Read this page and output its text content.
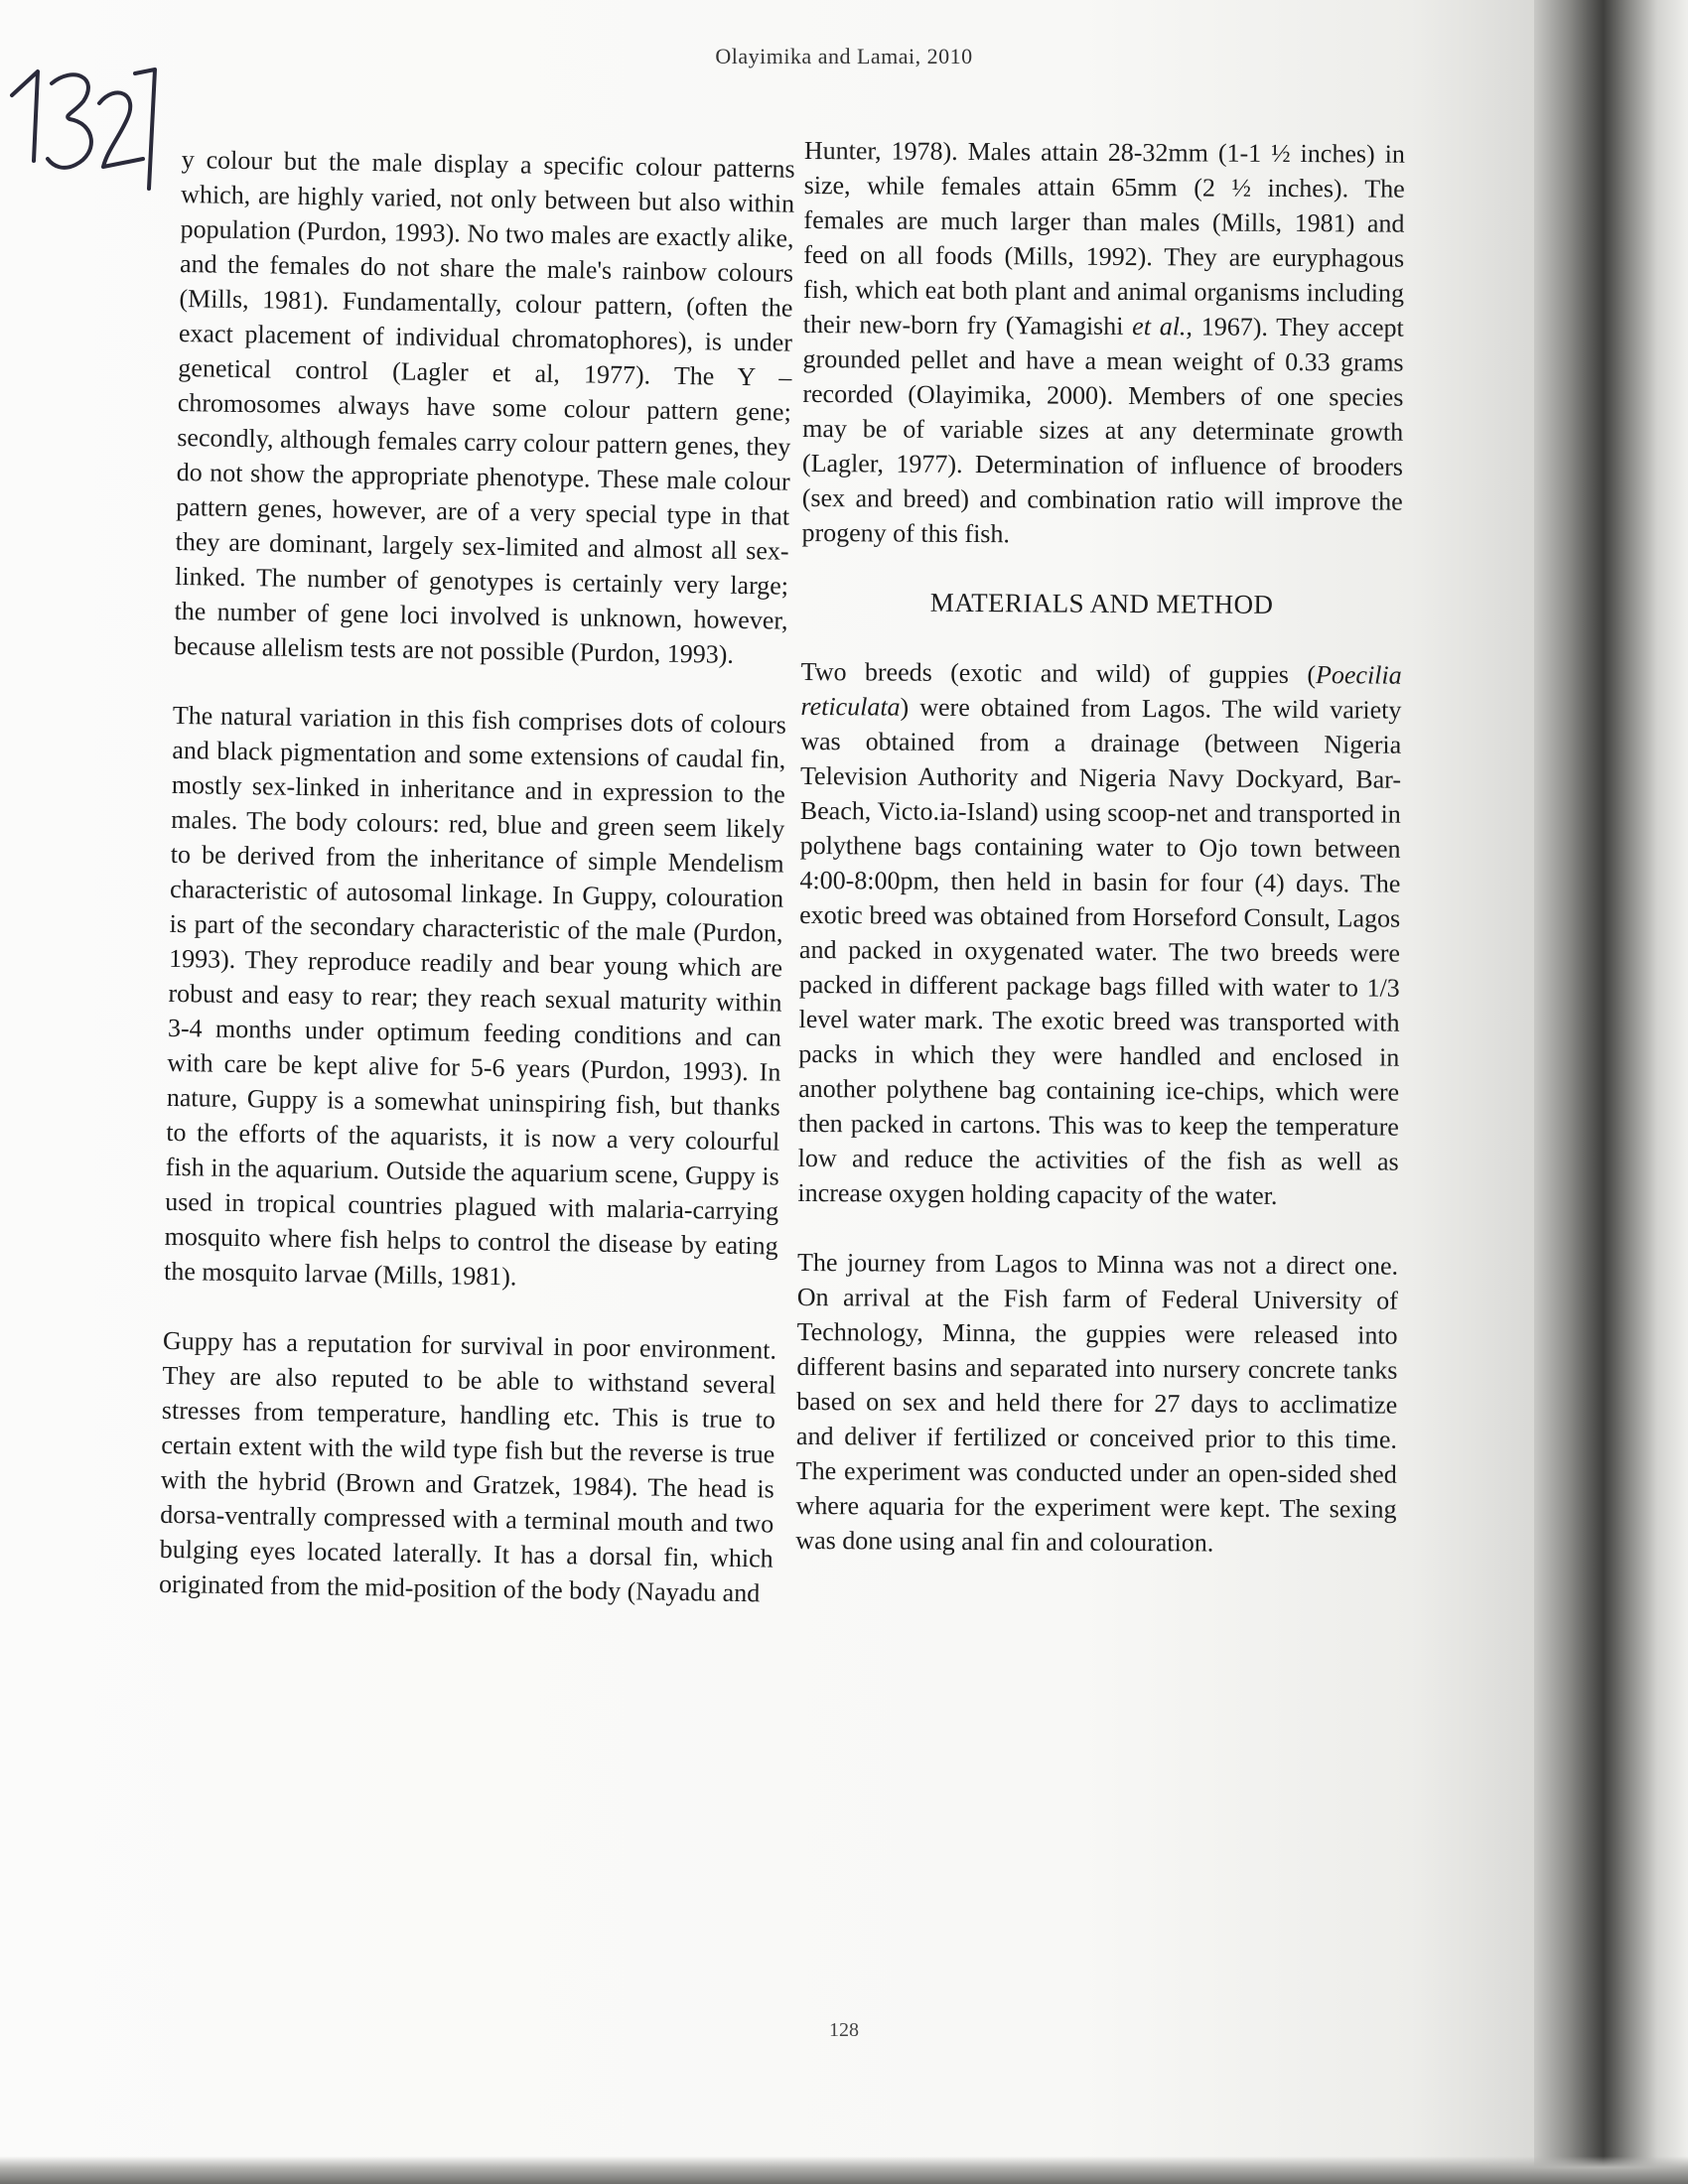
Olayimika and Lamai, 2010

y colour but the male display a specific colour patterns which, are highly varied, not only between but also within population (Purdon, 1993). No two males are exactly alike, and the females do not share the male's rainbow colours (Mills, 1981). Fundamentally, colour pattern, (often the exact placement of individual chromatophores), is under genetical control (Lagler et al, 1977). The Y – chromosomes always have some colour pattern gene; secondly, although females carry colour pattern genes, they do not show the appropriate phenotype. These male colour pattern genes, however, are of a very special type in that they are dominant, largely sex-limited and almost all sex-linked. The number of genotypes is certainly very large; the number of gene loci involved is unknown, however, because allelism tests are not possible (Purdon, 1993).

The natural variation in this fish comprises dots of colours and black pigmentation and some extensions of caudal fin, mostly sex-linked in inheritance and in expression to the males. The body colours: red, blue and green seem likely to be derived from the inheritance of simple Mendelism characteristic of autosomal linkage. In Guppy, colouration is part of the secondary characteristic of the male (Purdon, 1993). They reproduce readily and bear young which are robust and easy to rear; they reach sexual maturity within 3-4 months under optimum feeding conditions and can with care be kept alive for 5-6 years (Purdon, 1993). In nature, Guppy is a somewhat uninspiring fish, but thanks to the efforts of the aquarists, it is now a very colourful fish in the aquarium. Outside the aquarium scene, Guppy is used in tropical countries plagued with malaria-carrying mosquito where fish helps to control the disease by eating the mosquito larvae (Mills, 1981).

Guppy has a reputation for survival in poor environment. They are also reputed to be able to withstand several stresses from temperature, handling etc. This is true to certain extent with the wild type fish but the reverse is true with the hybrid (Brown and Gratzek, 1984). The head is dorsa-ventrally compressed with a terminal mouth and two bulging eyes located laterally. It has a dorsal fin, which originated from the mid-position of the body (Nayadu and

Hunter, 1978). Males attain 28-32mm (1-1 ½ inches) in size, while females attain 65mm (2 ½ inches). The females are much larger than males (Mills, 1981) and feed on all foods (Mills, 1992). They are euryphagous fish, which eat both plant and animal organisms including their new-born fry (Yamagishi et al., 1967). They accept grounded pellet and have a mean weight of 0.33 grams recorded (Olayimika, 2000). Members of one species may be of variable sizes at any determinate growth (Lagler, 1977). Determination of influence of brooders (sex and breed) and combination ratio will improve the progeny of this fish.

MATERIALS AND METHOD

Two breeds (exotic and wild) of guppies (Poecilia reticulata) were obtained from Lagos. The wild variety was obtained from a drainage (between Nigeria Television Authority and Nigeria Navy Dockyard, Bar-Beach, Victo.ia-Island) using scoop-net and transported in polythene bags containing water to Ojo town between 4:00-8:00pm, then held in basin for four (4) days. The exotic breed was obtained from Horseford Consult, Lagos and packed in oxygenated water. The two breeds were packed in different package bags filled with water to 1/3 level water mark. The exotic breed was transported with packs in which they were handled and enclosed in another polythene bag containing ice-chips, which were then packed in cartons. This was to keep the temperature low and reduce the activities of the fish as well as increase oxygen holding capacity of the water.

The journey from Lagos to Minna was not a direct one. On arrival at the Fish farm of Federal University of Technology, Minna, the guppies were released into different basins and separated into nursery concrete tanks based on sex and held there for 27 days to acclimatize and deliver if fertilized or conceived prior to this time. The experiment was conducted under an open-sided shed where aquaria for the experiment were kept. The sexing was done using anal fin and colouration.

128
